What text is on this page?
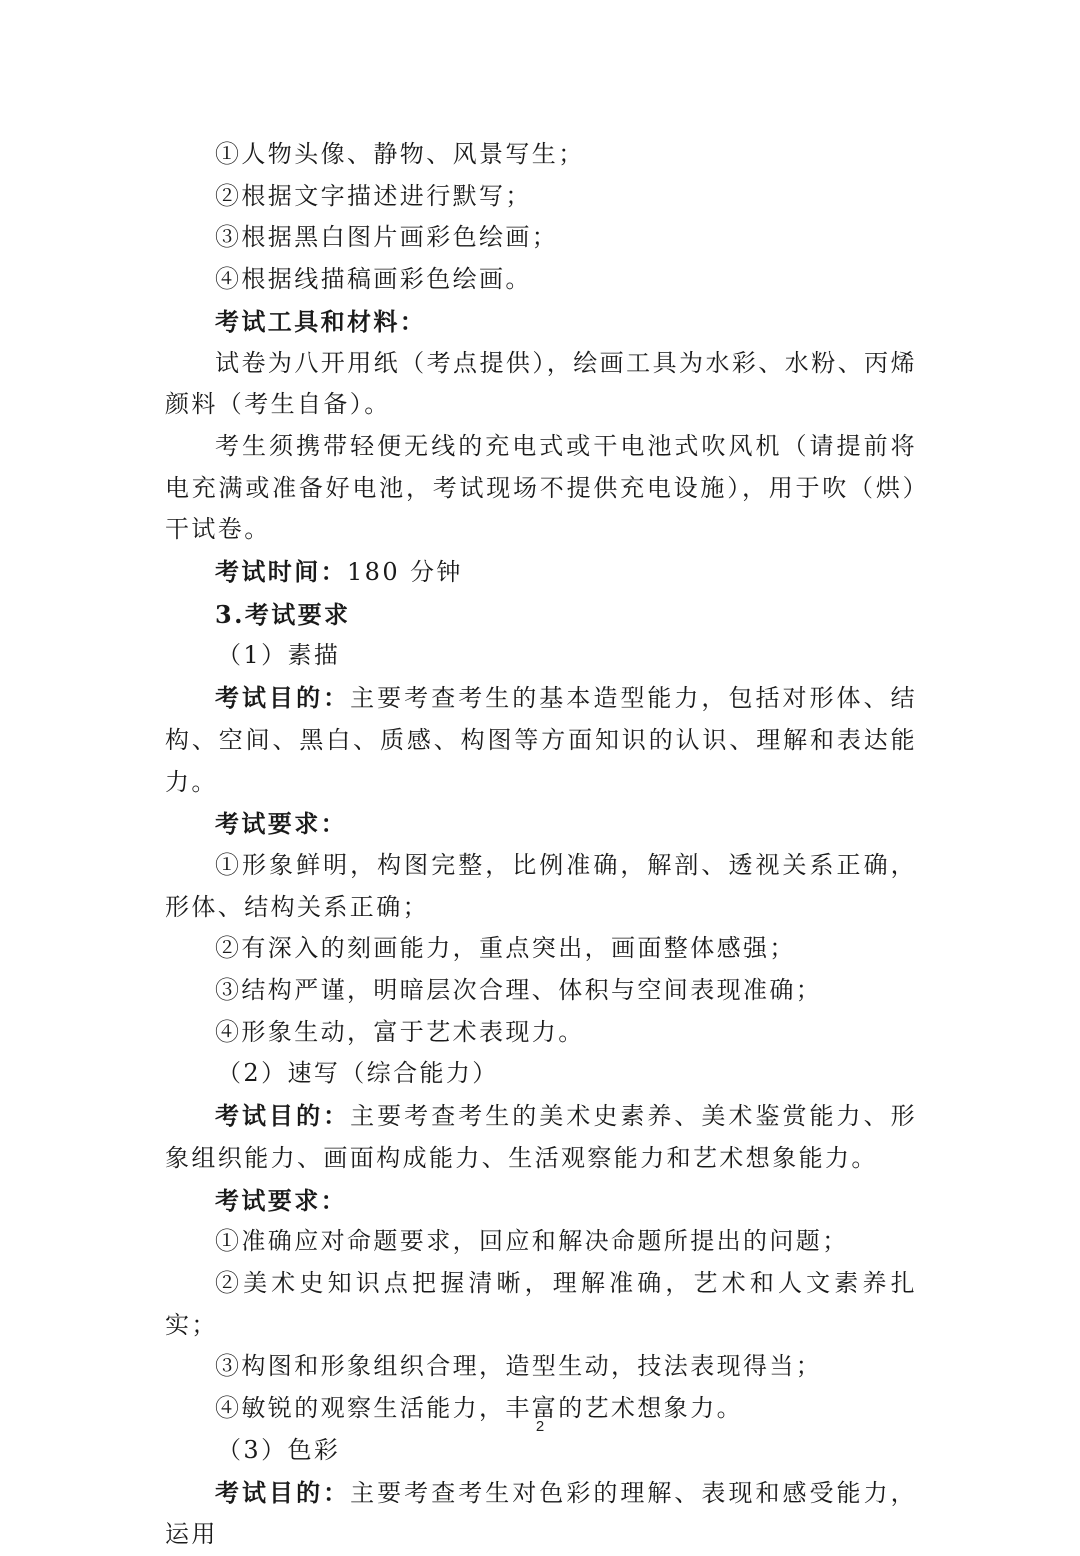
①人物头像、静物、风景写生；

②根据文字描述进行默写；

③根据黑白图片画彩色绘画；

④根据线描稿画彩色绘画。

考试工具和材料：

试卷为八开用纸（考点提供），绘画工具为水彩、水粉、丙烯颜料（考生自备）。

考生须携带轻便无线的充电式或干电池式吹风机（请提前将电充满或准备好电池，考试现场不提供充电设施），用于吹（烘）干试卷。

考试时间：180 分钟

3.考试要求

（1）素描

考试目的：主要考查考生的基本造型能力，包括对形体、结构、空间、黑白、质感、构图等方面知识的认识、理解和表达能力。

考试要求：

①形象鲜明，构图完整，比例准确，解剖、透视关系正确，形体、结构关系正确；

②有深入的刻画能力，重点突出，画面整体感强；

③结构严谨，明暗层次合理、体积与空间表现准确；

④形象生动，富于艺术表现力。

（2）速写（综合能力）

考试目的：主要考查考生的美术史素养、美术鉴赏能力、形象组织能力、画面构成能力、生活观察能力和艺术想象能力。

考试要求：

①准确应对命题要求，回应和解决命题所提出的问题；

②美术史知识点把握清晰，理解准确，艺术和人文素养扎实；

③构图和形象组织合理，造型生动，技法表现得当；

④敏锐的观察生活能力，丰富的艺术想象力。

（3）色彩

考试目的：主要考查考生对色彩的理解、表现和感受能力，运用

2
